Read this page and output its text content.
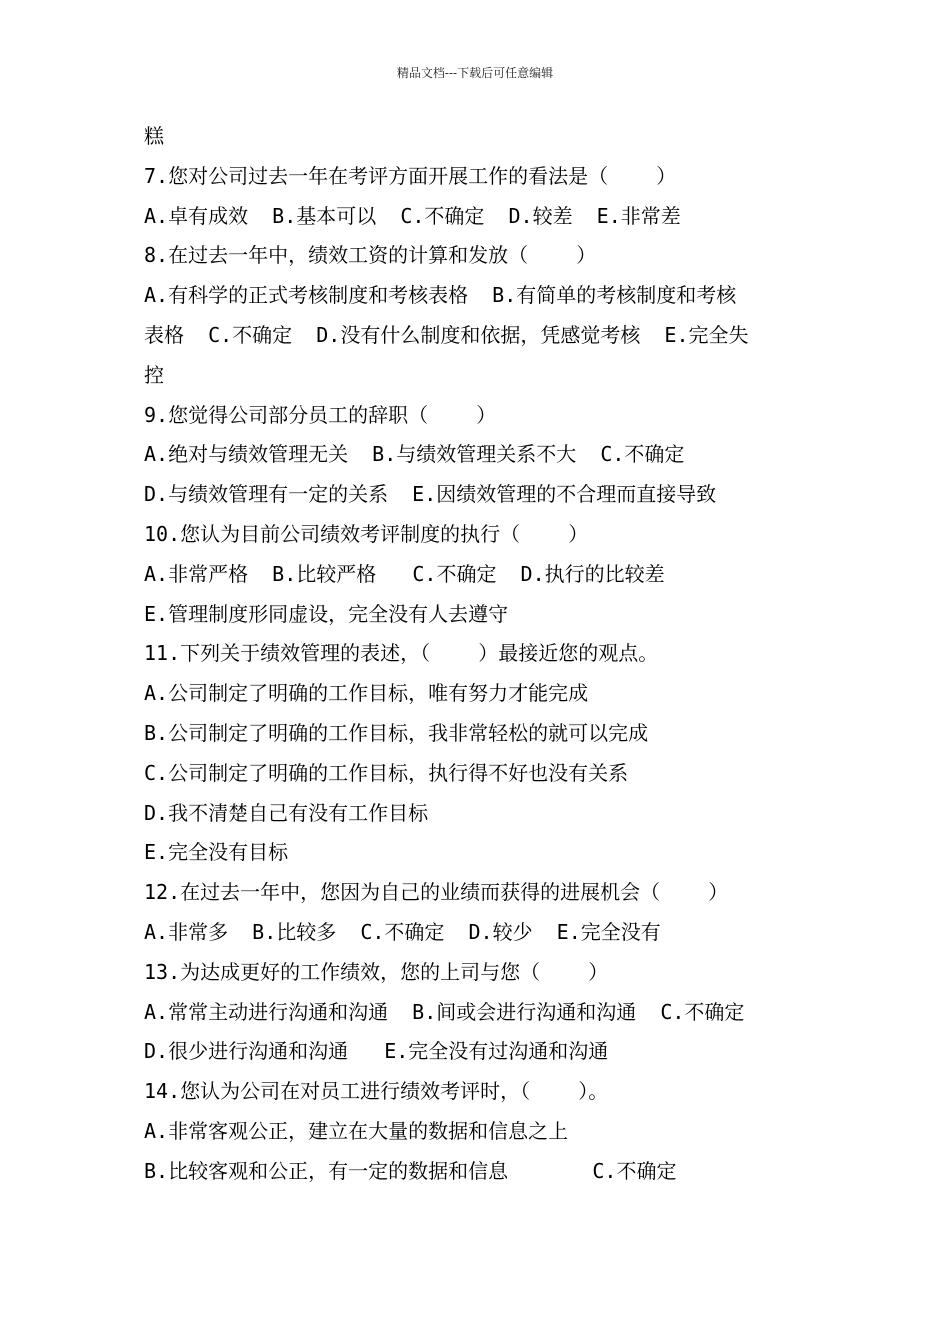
精品文档---下载后可任意编辑
糕
7.您对公司过去一年在考评方面开展工作的看法是（    ）
A.卓有成效  B.基本可以  C.不确定  D.较差  E.非常差
8.在过去一年中，绩效工资的计算和发放（    ）
A.有科学的正式考核制度和考核表格  B.有简单的考核制度和考核
表格  C.不确定  D.没有什么制度和依据，凭感觉考核  E.完全失
控
9.您觉得公司部分员工的辞职（    ）
A.绝对与绩效管理无关  B.与绩效管理关系不大  C.不确定
D.与绩效管理有一定的关系  E.因绩效管理的不合理而直接导致
10.您认为目前公司绩效考评制度的执行（    ）
A.非常严格  B.比较严格   C.不确定  D.执行的比较差
E.管理制度形同虚设，完全没有人去遵守
11.下列关于绩效管理的表述，（    ）最接近您的观点。
A.公司制定了明确的工作目标，唯有努力才能完成
B.公司制定了明确的工作目标，我非常轻松的就可以完成
C.公司制定了明确的工作目标，执行得不好也没有关系
D.我不清楚自己有没有工作目标
E.完全没有目标
12.在过去一年中，您因为自己的业绩而获得的进展机会（    ）
A.非常多  B.比较多  C.不确定  D.较少  E.完全没有
13.为达成更好的工作绩效，您的上司与您（    ）
A.常常主动进行沟通和沟通  B.间或会进行沟通和沟通  C.不确定
D.很少进行沟通和沟通   E.完全没有过沟通和沟通
14.您认为公司在对员工进行绩效考评时，（    ）。
A.非常客观公正，建立在大量的数据和信息之上
B.比较客观和公正，有一定的数据和信息       C.不确定
